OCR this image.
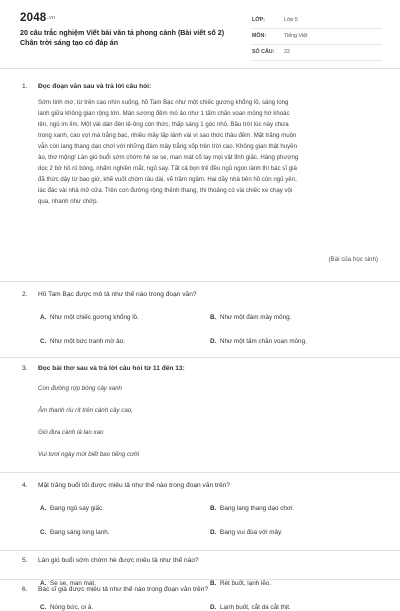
2048.vn
20 câu trắc nghiệm Viết bài văn tả phong cảnh (Bài viết số 2) Chân trời sáng tạo có đáp án
LỚP:	Lớp 5
MÔN:	Tiếng Việt
SỐ CÂU: 22
1. Đọc đoạn văn sau và trả lời câu hỏi:
Sớm tinh mơ, từ trên cao nhìn xuống, hồ Tam Bạc như một chiếc gương khổng lồ, sáng long
lanh giữa không gian rộng lớn. Màn sương đêm mỏ ảo như 1 tấm chăn voan mỏng hờ khoác
lên, ngủ im lìm. Một vài dàn đèn lê-ông còn thức, thấp sáng 1 góc nhỏ. Bầu trời lúc này chưa
trong xanh, cao vợi mà trắng bạc, nhiều mây lấp lánh vài vì sao thức thâu đêm. Mặt trăng muộn
vẫn còn lang thang dạo chơi với những đám mây trắng xốp trên trời cao. Không gian thật huyền
ảo, thơ mộng! Làn gió buổi sớm chớm hè se se, man mát cổ lay mọi vật tỉnh giấc. Hàng phượng
dọc 2 bờ hồ rủ bóng, nhấm nghiền mắt, ngủ say. Tất cả bọn trẻ đều ngủ ngon lành thì bác sĩ già
đã thức dậy từ bao giờ, khẽ vuốt chòm râu dài, vẽ trầm ngâm. Hai dãy nhà bên hồ còn ngủ yên,
lác đác vài nhà mở cửa. Trên con đường rộng thênh thang, thi thoảng có vài chiếc xe chạy vội
qua, nhanh như chớp.
(Bài của học sinh)
2. Hồ Tam Bạc được mô tả như thế nào trong đoạn văn?
A. Như một chiếc gương khổng lồ.	B. Như một đám mây mỏng.
C. Như một bức tranh mờ ảo.	D. Như một tấm chăn voan mỏng.
3. Đọc bài thơ sau và trả lời câu hỏi từ 11 đến 13:
Con đường rợp bóng cây xanh
Âm thanh ríu rít trên cành cây cao,
Gió đưa cành lá lao xao
Vui tươi ngày mới biết bao tiếng cười
4. Mặt trăng buổi tối được miêu tả như thế nào trong đoạn văn trên?
A. Đang ngủ say giấc.	B. Đang lang thang dạo chơi.
C. Đang sáng long lanh.	D. Đang vui đùa với mây.
5. Làn gió buổi sớm chớm hè được miêu tả như thế nào?
A. Se se, man mát.	B. Rét buốt, lạnh lẽo.
C. Nóng bức, oi ả.	D. Lạnh buốt, cắt da cắt thịt.
6. Bác sĩ già được miêu tả như thế nào trong đoạn văn trên?
